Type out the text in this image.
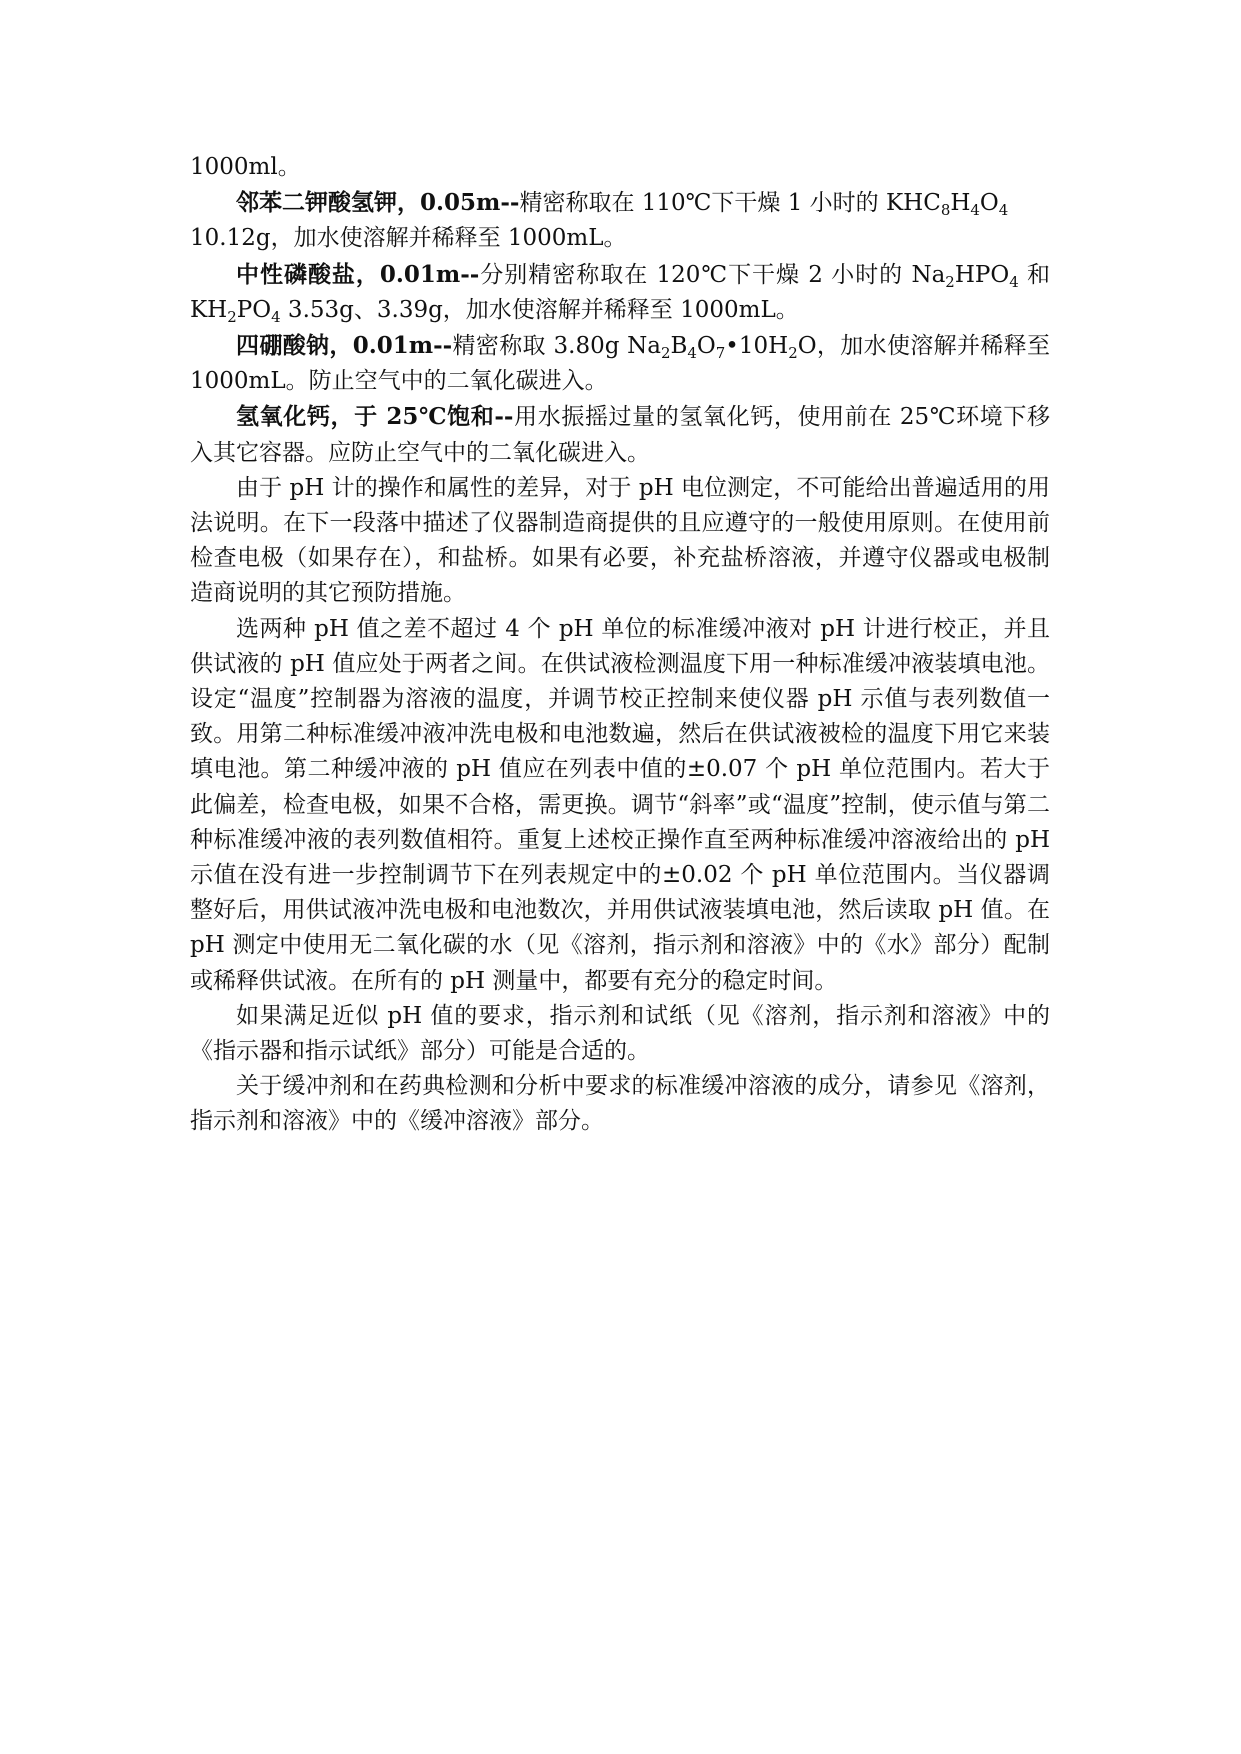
1000ml。

邻苯二钾酸氢钾，0.05m--精密称取在 110℃下干燥 1 小时的 $KHC_8H_4O_4$
10.12g，加水使溶解并稀释至 1000mL。

中性磷酸盐，0.01m--分别精密称取在 120℃下干燥 2 小时的 $Na_2HPO_4$ 和 $KH_2PO_4$ 3.53g、3.39g，加水使溶解并稀释至 1000mL。

四硼酸钠，0.01m--精密称取 3.80g $Na_2B_4O_7•10H_2O$，加水使溶解并稀释至 1000mL。防止空气中的二氧化碳进入。

氢氧化钙，于 25℃饱和--用水振摇过量的氢氧化钙，使用前在 25℃环境下移入其它容器。应防止空气中的二氧化碳进入。

由于 pH 计的操作和属性的差异，对于 pH 电位测定，不可能给出普遍适用的用法说明。在下一段落中描述了仪器制造商提供的且应遵守的一般使用原则。在使用前检查电极（如果存在），和盐桥。如果有必要，补充盐桥溶液，并遵守仪器或电极制造商说明的其它预防措施。

选两种 pH 值之差不超过 4 个 pH 单位的标准缓冲液对 pH 计进行校正，并且供试液的 pH 值应处于两者之间。在供试液检测温度下用一种标准缓冲液装填电池。设定“温度”控制器为溶液的温度，并调节校正控制来使仪器 pH 示值与表列数值一致。用第二种标准缓冲液冲洗电极和电池数遍，然后在供试液被检的温度下用它来装填电池。第二种缓冲液的 pH 值应在列表中值的±0.07 个 pH 单位范围内。若大于此偏差，检查电极，如果不合格，需更换。调节“斜率”或“温度”控制，使示值与第二种标准缓冲液的表列数值相符。重复上述校正操作直至两种标准缓冲溶液给出的 pH 示值在没有进一步控制调节下在列表规定中的±0.02 个 pH 单位范围内。当仪器调整好后，用供试液冲洗电极和电池数次，并用供试液装填电池，然后读取 pH 值。在 pH 测定中使用无二氧化碳的水（见《溶剂，指示剂和溶液》中的《水》部分）配制或稀释供试液。在所有的 pH 测量中，都要有充分的稳定时间。

如果满足近似 pH 值的要求，指示剂和试纸（见《溶剂，指示剂和溶液》中的《指示器和指示试纸》部分）可能是合适的。

关于缓冲剂和在药典检测和分析中要求的标准缓冲溶液的成分，请参见《溶剂，指示剂和溶液》中的《缓冲溶液》部分。
